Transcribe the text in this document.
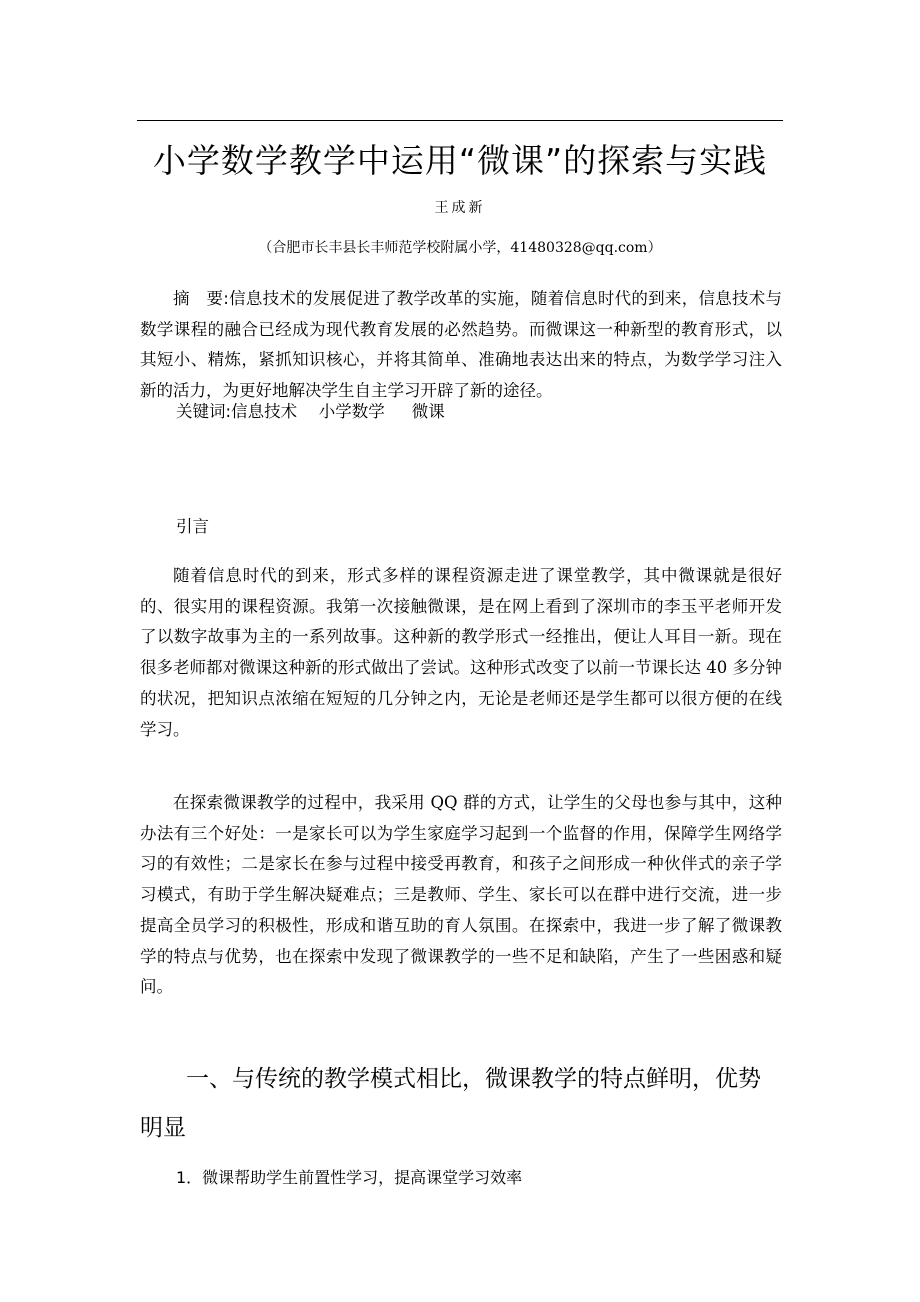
小学数学教学中运用“微课”的探索与实践
王成新
（合肥市长丰县长丰师范学校附属小学，41480328@qq.com）
摘　要:信息技术的发展促进了教学改革的实施，随着信息时代的到来，信息技术与数学课程的融合已经成为现代教育发展的必然趋势。而微课这一种新型的教育形式，以其短小、精炼，紧抓知识核心，并将其简单、准确地表达出来的特点，为数学学习注入新的活力，为更好地解决学生自主学习开辟了新的途径。
关键词:信息技术　 小学数学 　 微课
引言
随着信息时代的到来，形式多样的课程资源走进了课堂教学，其中微课就是很好的、很实用的课程资源。我第一次接触微课，是在网上看到了深圳市的李玉平老师开发了以数字故事为主的一系列故事。这种新的教学形式一经推出，便让人耳目一新。现在很多老师都对微课这种新的形式做出了尝试。这种形式改变了以前一节课长达 40 多分钟的状况，把知识点浓缩在短短的几分钟之内，无论是老师还是学生都可以很方便的在线学习。
在探索微课教学的过程中，我采用 QQ 群的方式，让学生的父母也参与其中，这种办法有三个好处：一是家长可以为学生家庭学习起到一个监督的作用，保障学生网络学习的有效性；二是家长在参与过程中接受再教育，和孩子之间形成一种伙伴式的亲子学习模式，有助于学生解决疑难点；三是教师、学生、家长可以在群中进行交流，进一步提高全员学习的积极性，形成和谐互助的育人氛围。在探索中，我进一步了解了微课教学的特点与优势，也在探索中发现了微课教学的一些不足和缺陷，产生了一些困惑和疑问。
一、与传统的教学模式相比，微课教学的特点鲜明，优势明显
1．微课帮助学生前置性学习，提高课堂学习效率
